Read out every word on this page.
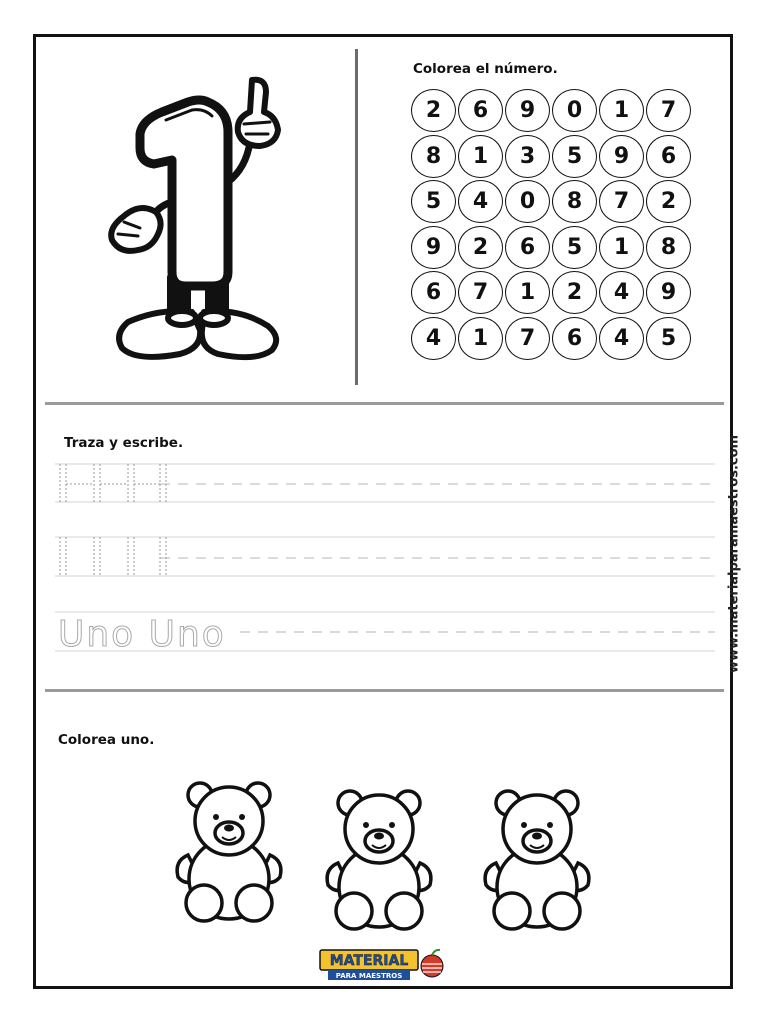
Colorea el número.
2	6	9	0	1	7
8	1	3	5	9	6
5	4	0	8	7	2
9	2	6	5	1	8
6	7	1	2	4	9
4	1	7	6	4	5
Traza y escribe.
Uno Uno	www.materialparamaestros.com
Colorea uno.
MATERIAL
PARA MAESTROS
